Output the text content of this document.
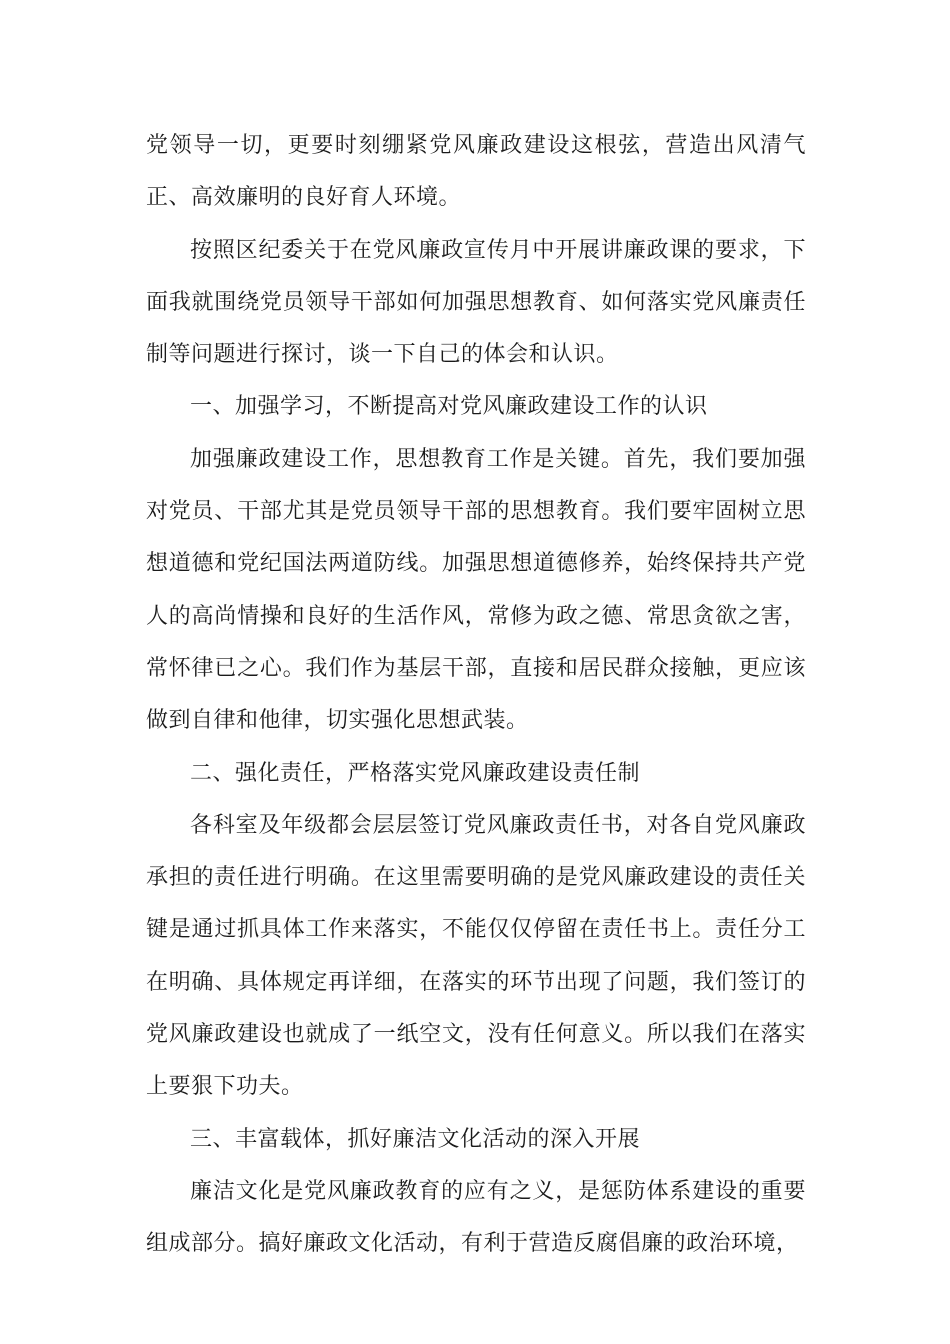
党领导一切，更要时刻绷紧党风廉政建设这根弦，营造出风清气正、高效廉明的良好育人环境。

按照区纪委关于在党风廉政宣传月中开展讲廉政课的要求，下面我就围绕党员领导干部如何加强思想教育、如何落实党风廉责任制等问题进行探讨，谈一下自己的体会和认识。

一、加强学习，不断提高对党风廉政建设工作的认识

加强廉政建设工作，思想教育工作是关键。首先，我们要加强对党员、干部尤其是党员领导干部的思想教育。我们要牢固树立思想道德和党纪国法两道防线。加强思想道德修养，始终保持共产党人的高尚情操和良好的生活作风，常修为政之德、常思贪欲之害，常怀律已之心。我们作为基层干部，直接和居民群众接触，更应该做到自律和他律，切实强化思想武装。

二、强化责任，严格落实党风廉政建设责任制

各科室及年级都会层层签订党风廉政责任书，对各自党风廉政承担的责任进行明确。在这里需要明确的是党风廉政建设的责任关键是通过抓具体工作来落实，不能仅仅停留在责任书上。责任分工在明确、具体规定再详细，在落实的环节出现了问题，我们签订的党风廉政建设也就成了一纸空文，没有任何意义。所以我们在落实上要狠下功夫。

三、丰富载体，抓好廉洁文化活动的深入开展

廉洁文化是党风廉政教育的应有之义，是惩防体系建设的重要组成部分。搞好廉政文化活动，有利于营造反腐倡廉的政治环境，
